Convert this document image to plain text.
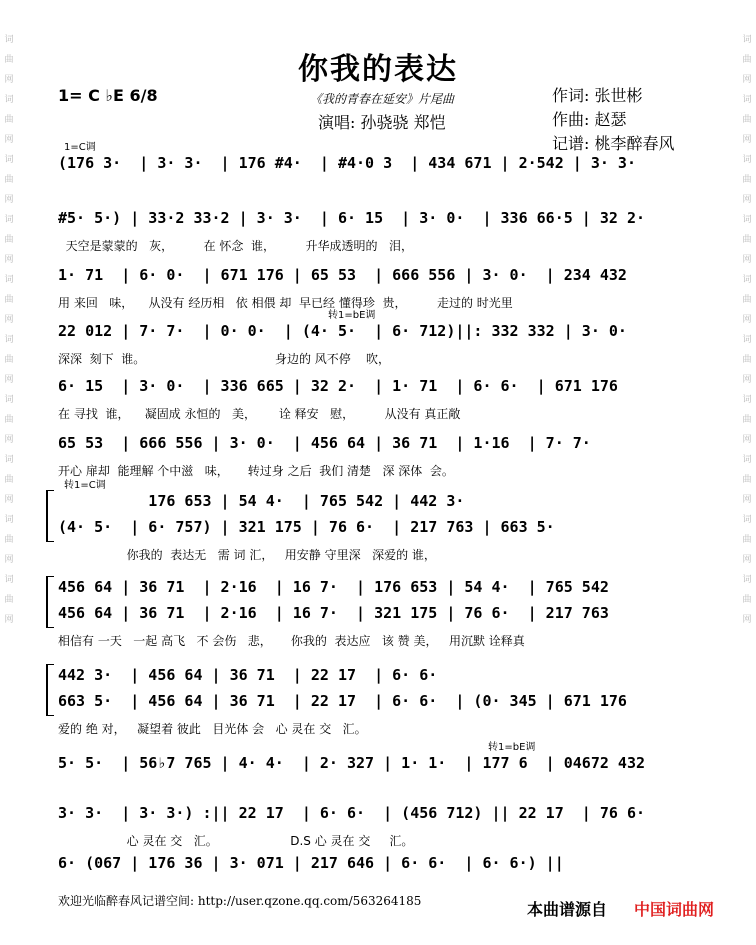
词
曲
网
词
曲
网
词
曲
网
词
曲
网
词
曲
网
词
曲
网
词
曲
网
词
曲
网
词
曲
网
词
曲
网
词
曲
网
词
曲
网
词
曲
网
词
曲
网
词
曲
网
词
曲
网
词
曲
网
词
曲
网
词
曲
网
词
曲
网
你我的表达
1= C ♭E 6/8	《我的青春在延安》片尾曲
演唱: 孙骁骁 郑恺
作词: 张世彬
作曲: 赵瑟
记谱: 桃李醉春风
1=C调
(176 3·  | 3· 3·  | 176 #4·  | #4·0 3  | 434 671 | 2·542 | 3· 3·
#5· 5·) | 33·2 33·2 | 3· 3·  | 6· 15  | 3· 0·  | 336 66·5 | 32 2·
天空是蒙蒙的   灰，        在 怀念  谁，        升华成透明的   泪，
1· 71  | 6· 0·  | 671 176 | 65 53  | 666 556 | 3· 0·  | 234 432
用 来回   味，    从没有 经历相   依 相偎 却  早已经 懂得珍  贵，        走过的 时光里
转1=bE调
22 012 | 7· 7·  | 0· 0·  | (4· 5·  | 6· 712)||: 332 332 | 3· 0·
深深  刻下  谁。                                  身边的 风不停    吹，
6· 15  | 3· 0·  | 336 665 | 32 2·  | 1· 71  | 6· 6·  | 671 176
在 寻找  谁，    凝固成 永恒的   美，      诠 释安   慰，        从没有 真正敞
65 53  | 666 556 | 3· 0·  | 456 64 | 36 71  | 1·16  | 7· 7·
开心 扉却  能理解 个中滋   味，     转过身 之后  我们 清楚   深 深体  会。
转1=C调
176 653 | 54 4·  | 765 542 | 442 3·
(4· 5·  | 6· 757) | 321 175 | 76 6·  | 217 763 | 663 5·
你我的  表达无   需 词 汇，   用安静 守里深   深爱的 谁，
456 64 | 36 71  | 2·16  | 16 7·  | 176 653 | 54 4·  | 765 542
456 64 | 36 71  | 2·16  | 16 7·  | 321 175 | 76 6·  | 217 763
相信有 一天   一起 高飞   不 会伤   悲，     你我的  表达应   该 赞 美，   用沉默 诠释真
442 3·  | 456 64 | 36 71  | 22 17  | 6· 6·
663 5·  | 456 64 | 36 71  | 22 17  | 6· 6·  | (0· 345 | 671 176
爱的 绝 对，   凝望着 彼此   目光体 会   心 灵在 交   汇。
转1=bE调
5· 5·  | 56♭7 765 | 4· 4·  | 2· 327 | 1· 1·  | 177 6  | 04672 432
3· 3·  | 3· 3·) :|| 22 17  | 6· 6·  | (456 712) || 22 17  | 76 6·
心 灵在 交   汇。                   D.S 心 灵在 交     汇。
6· (067 | 176 36 | 3· 071 | 217 646 | 6· 6·  | 6· 6·) ||
欢迎光临醉春风记谱空间: http://user.qzone.qq.com/563264185	本曲谱源自 中国词曲网
